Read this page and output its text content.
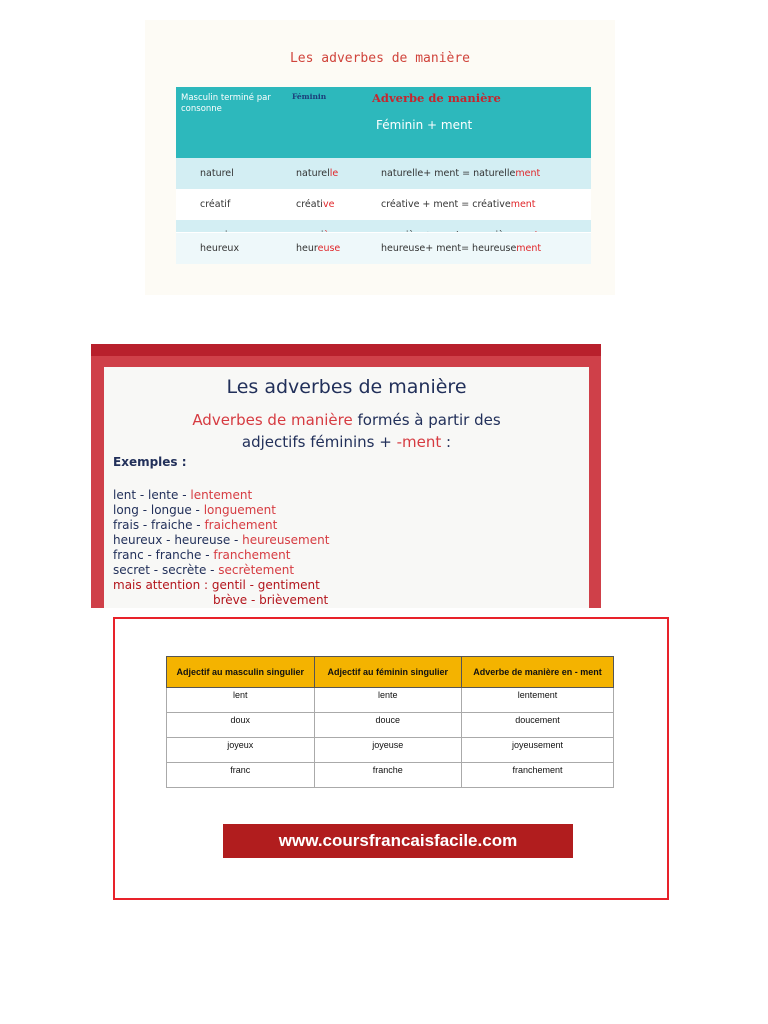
Les adverbes de manière
Masculin terminé par consonne
Féminin	Adverbe de manière
Féminin + ment
naturel	naturelle	naturelle+ ment = naturellement
créatif	créative	créative + ment = créativement
heureux	heureuse	heureuse+ ment= heureusement
Les adverbes de manière
Adverbes de manière formés à partir des
adjectifs féminins + -ment :
Exemples :
lent - lente - lentement
long - longue - longuement
frais - fraiche - fraichement
heureux - heureuse - heureusement
franc - franche - franchement
secret - secrète - secrètement
mais attention : gentil - gentiment
brève - brièvement
Adjectif au masculin singulier	Adjectif au féminin singulier	Adverbe de manière en - ment

lent	lente	lentement

doux	douce	doucement

joyeux	joyeuse	joyeusement

franc	franche	franchement
www.coursfrancaisfacile.com
